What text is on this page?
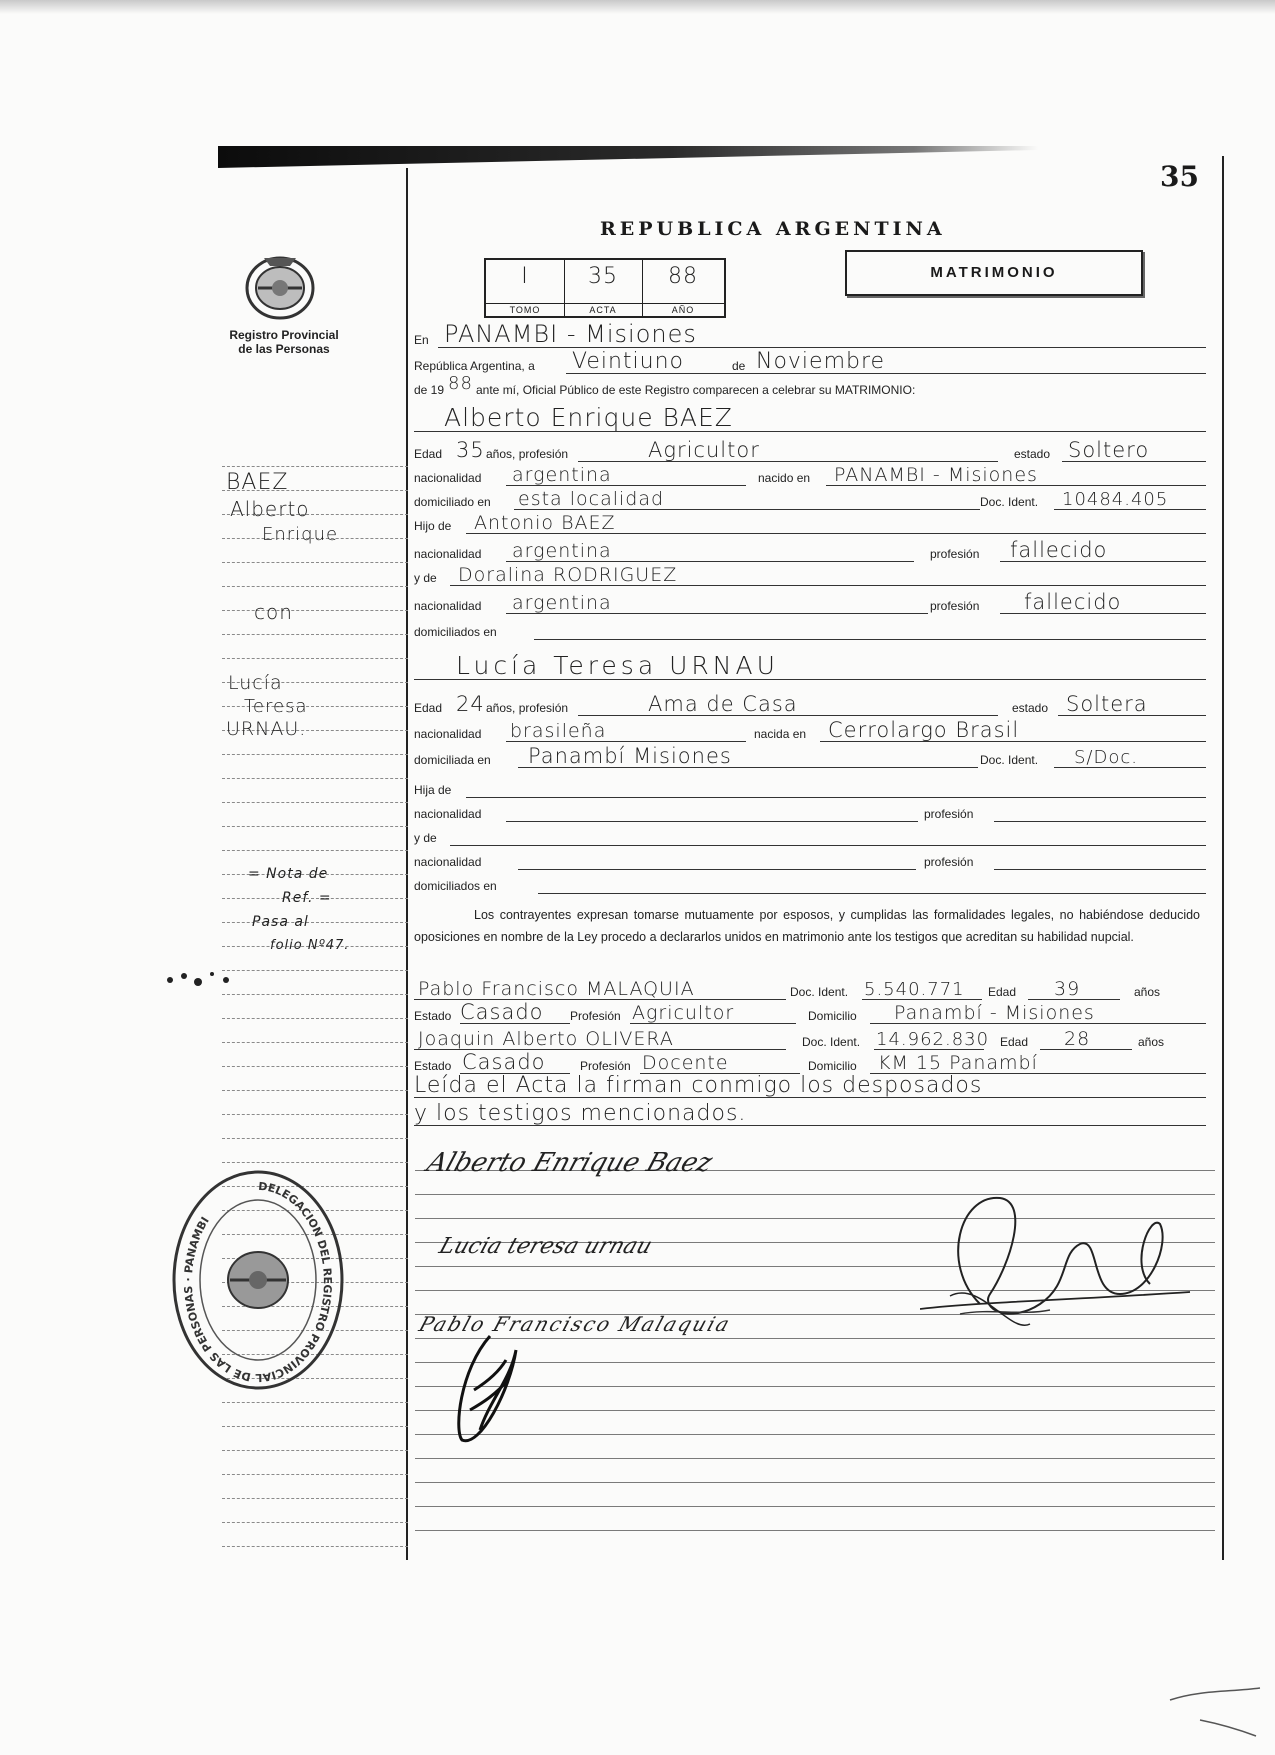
35
REPUBLICA ARGENTINA
I
TOMO
35
ACTA
88
AÑO
MATRIMONIO
Registro Provincial
de las Personas
BAEZ
Alberto
Enrique
con
Lucía
Teresa
URNAU.
= Nota de
Ref. =
Pasa al
folio Nº47.
En PANAMBI - Misiones
República Argentina, a Veintiuno	de Noviembre
de 19 88 ante mí, Oficial Público de este Registro comparecen a celebrar su MATRIMONIO:
Alberto Enrique BAEZ
Edad 35 años, profesión	Agricultor	estado Soltero
nacionalidad argentina	nacido en PANAMBI - Misiones
domiciliado en esta localidad	Doc. Ident. 10484.405
Hijo de Antonio BAEZ
nacionalidad argentina	profesión fallecido
y de Doralina RODRIGUEZ
nacionalidad argentina	profesión fallecido
domiciliados en
Lucía Teresa URNAU
Edad 24 años, profesión	Ama de Casa	estado Soltera
nacionalidad brasileña	nacida en Cerrolargo Brasil
domiciliada en Panambí Misiones	Doc. Ident. S/Doc.
Hija de
nacionalidad	profesión
y de
nacionalidad	profesión
domiciliados en
Los contrayentes expresan tomarse mutuamente por esposos, y cumplidas las formalidades legales, no habiéndose deducido oposiciones en nombre de la Ley procedo a declararlos unidos en matrimonio ante los testigos que acreditan su habilidad nupcial.
Pablo Francisco MALAQUIA	Doc. Ident. 5.540.771 Edad 39	años
Estado Casado Profesión Agricultor	Domicilio Panambí - Misiones
Joaquin Alberto OLIVERA	Doc. Ident. 14.962.830 Edad 28	años
Estado Casado	Profesión Docente	Domicilio KM 15 Panambí
Leída el Acta la firman conmigo los desposados
y los testigos mencionados.
Alberto Enrique Baez
Lucia teresa urnau
Pablo Francisco Malaquia
DELEGACION DEL REGISTRO PROVINCIAL DE LAS PERSONAS · PANAMBI
